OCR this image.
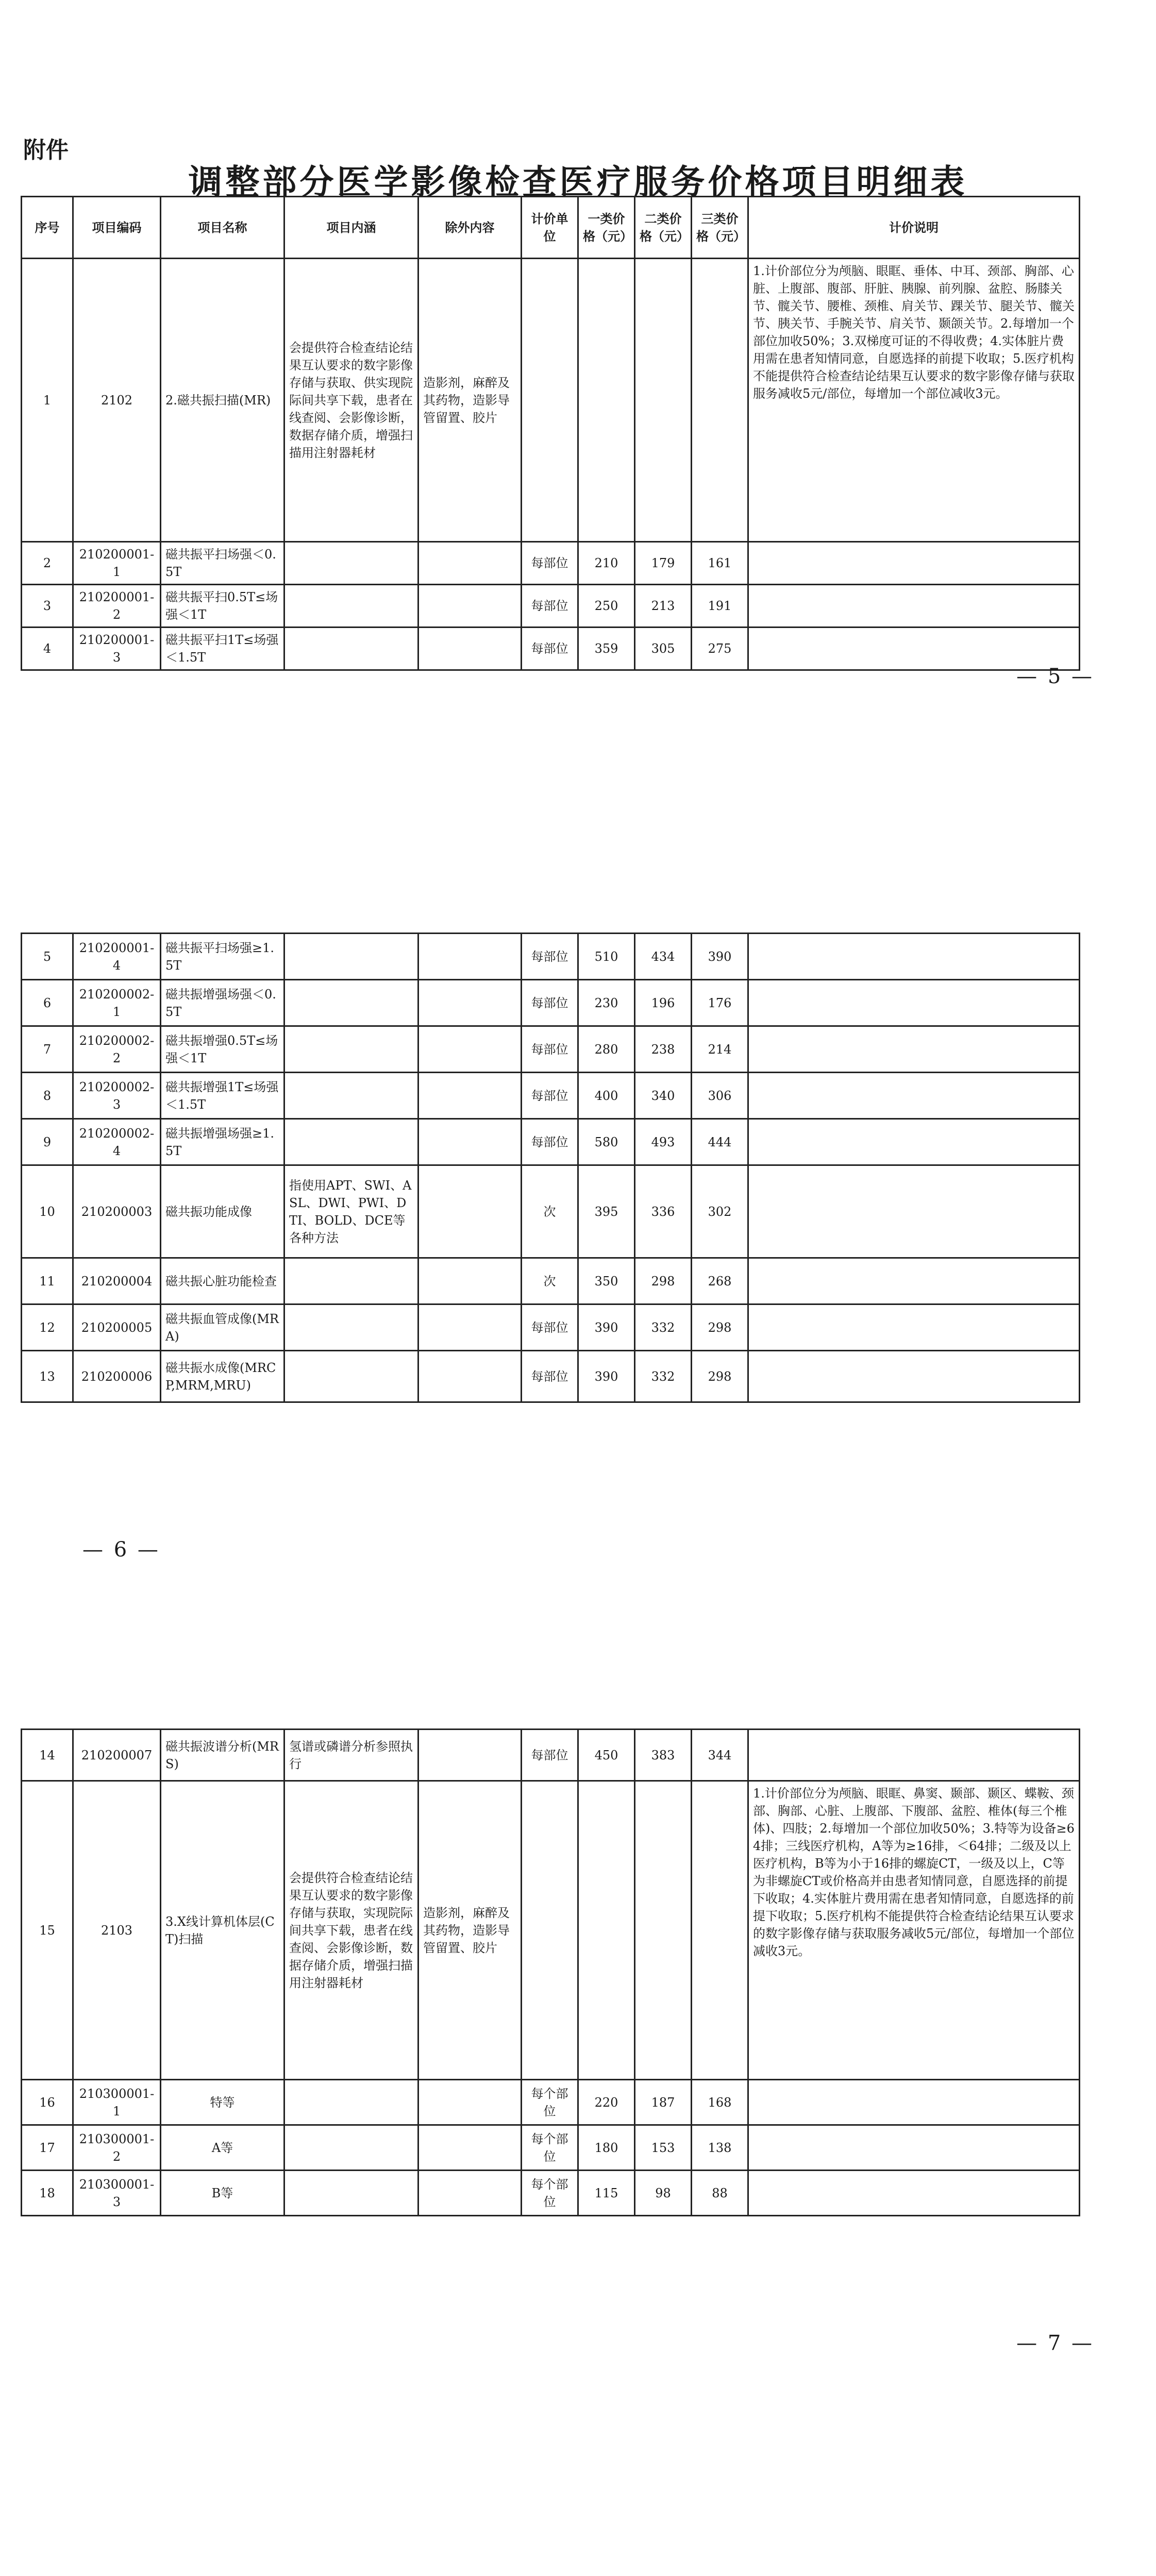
附件
调整部分医学影像检查医疗服务价格项目明细表
序号	项目编码	项目名称	项目内涵	除外内容	计价单位	一类价格（元）	二类价格（元）	三类价格（元）	计价说明
1	2102	2.磁共振扫描(MR)	会提供符合检查结论结果互认要求的数字影像存储与获取、供实现院际间共享下载，患者在线查阅、会影像诊断，数据存储介质，增强扫描用注射器耗材	造影剂，麻醉及其药物，造影导管留置、胶片					1.计价部位分为颅脑、眼眶、垂体、中耳、颈部、胸部、心脏、上腹部、腹部、肝脏、胰腺、前列腺、盆腔、肠膝关节、髋关节、腰椎、颈椎、肩关节、踝关节、腿关节、髋关节、胰关节、手腕关节、肩关节、颞颌关节。2.每增加一个部位加收50%；3.双梯度可证的不得收费；4.实体脏片费用需在患者知情同意，自愿选择的前提下收取；5.医疗机构不能提供符合检查结论结果互认要求的数字影像存储与获取服务减收5元/部位，每增加一个部位减收3元。
2	210200001-1	磁共振平扫场强＜0.5T			每部位	210	179	161	
3	210200001-2	磁共振平扫0.5T≤场强＜1T			每部位	250	213	191	
4	210200001-3	磁共振平扫1T≤场强＜1.5T			每部位	359	305	275	
— 5 —
5	210200001-4	磁共振平扫场强≥1.5T			每部位	510	434	390	
6	210200002-1	磁共振增强场强＜0.5T			每部位	230	196	176	
7	210200002-2	磁共振增强0.5T≤场强＜1T			每部位	280	238	214	
8	210200002-3	磁共振增强1T≤场强＜1.5T			每部位	400	340	306	
9	210200002-4	磁共振增强场强≥1.5T			每部位	580	493	444	
10	210200003	磁共振功能成像	指使用APT、SWI、ASL、DWI、PWI、DTI、BOLD、DCE等各种方法		次	395	336	302	
11	210200004	磁共振心脏功能检查			次	350	298	268	
12	210200005	磁共振血管成像(MRA)			每部位	390	332	298	
13	210200006	磁共振水成像(MRCP,MRM,MRU)			每部位	390	332	298	
— 6 —
14	210200007	磁共振波谱分析(MRS)	氢谱或磷谱分析参照执行		每部位	450	383	344	
15	2103	3.X线计算机体层(CT)扫描	会提供符合检查结论结果互认要求的数字影像存储与获取，实现院际间共享下载，患者在线查阅、会影像诊断，数据存储介质，增强扫描用注射器耗材	造影剂，麻醉及其药物，造影导管留置、胶片					1.计价部位分为颅脑、眼眶、鼻窦、颞部、颞区、蝶鞍、颈部、胸部、心脏、上腹部、下腹部、盆腔、椎体(每三个椎体)、四肢；2.每增加一个部位加收50%；3.特等为设备≥64排；三线医疗机构，A等为≥16排，＜64排；二级及以上医疗机构，B等为小于16排的螺旋CT，一级及以上，C等为非螺旋CT或价格高并由患者知情同意，自愿选择的前提下收取；4.实体脏片费用需在患者知情同意，自愿选择的前提下收取；5.医疗机构不能提供符合检查结论结果互认要求的数字影像存储与获取服务减收5元/部位，每增加一个部位减收3元。
16	210300001-1	特等			每个部位	220	187	168	
17	210300001-2	A等			每个部位	180	153	138	
18	210300001-3	B等			每个部位	115	98	88	
— 7 —
